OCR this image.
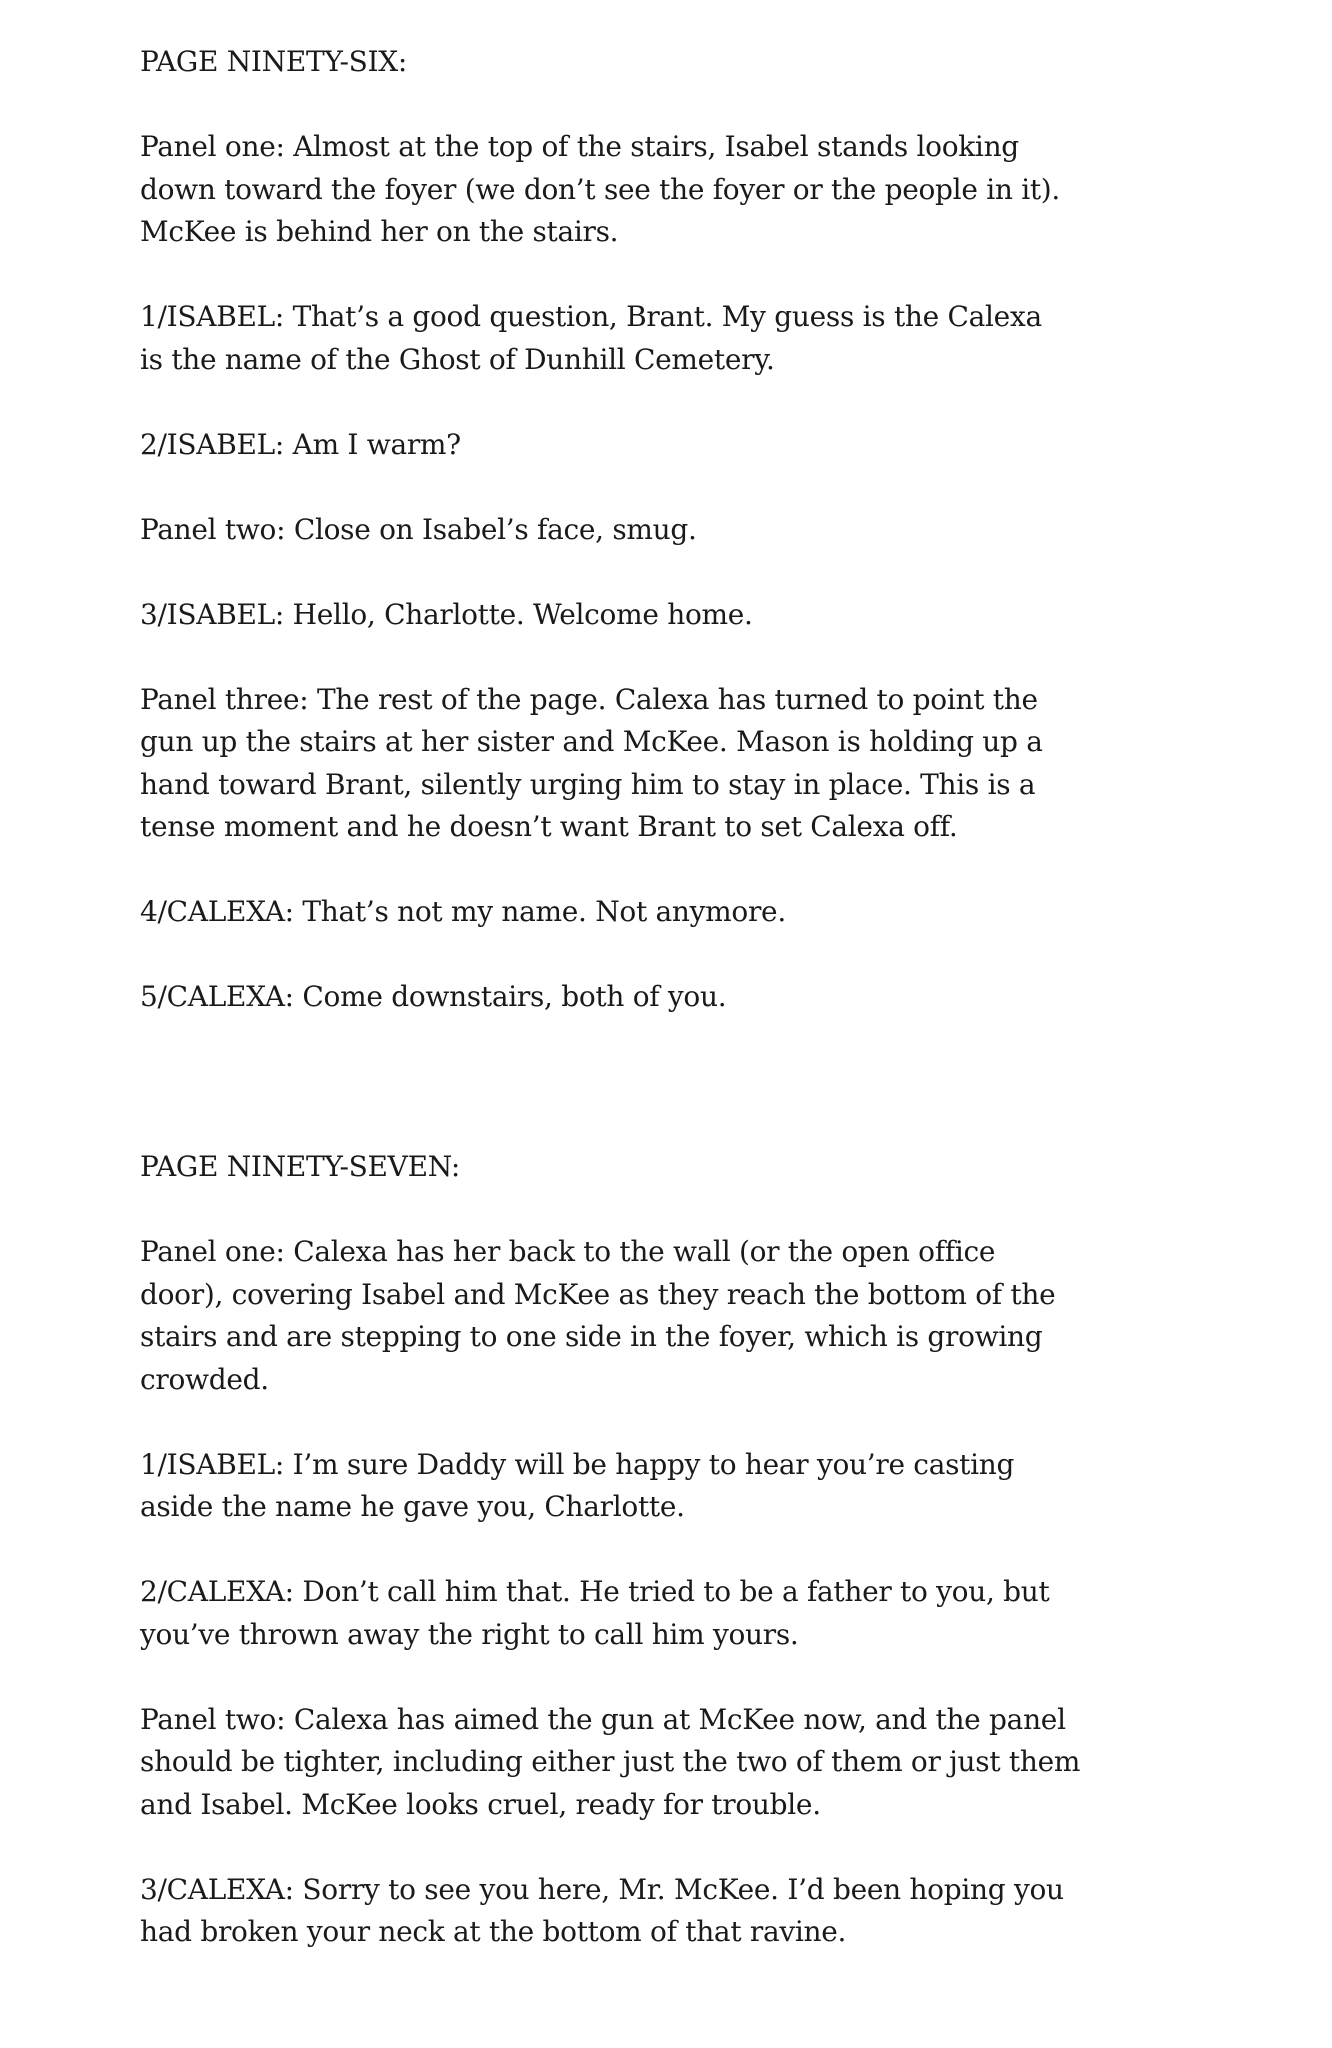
PAGE NINETY-SIX:
Panel one: Almost at the top of the stairs, Isabel stands looking
down toward the foyer (we don’t see the foyer or the people in it).
McKee is behind her on the stairs.
1/ISABEL: That’s a good question, Brant. My guess is the Calexa
is the name of the Ghost of Dunhill Cemetery.
2/ISABEL: Am I warm?
Panel two: Close on Isabel’s face, smug.
3/ISABEL: Hello, Charlotte. Welcome home.
Panel three: The rest of the page. Calexa has turned to point the
gun up the stairs at her sister and McKee. Mason is holding up a
hand toward Brant, silently urging him to stay in place. This is a
tense moment and he doesn’t want Brant to set Calexa off.
4/CALEXA: That’s not my name. Not anymore.
5/CALEXA: Come downstairs, both of you.
PAGE NINETY-SEVEN:
Panel one: Calexa has her back to the wall (or the open office
door), covering Isabel and McKee as they reach the bottom of the
stairs and are stepping to one side in the foyer, which is growing
crowded.
1/ISABEL: I’m sure Daddy will be happy to hear you’re casting
aside the name he gave you, Charlotte.
2/CALEXA: Don’t call him that. He tried to be a father to you, but
you’ve thrown away the right to call him yours.
Panel two: Calexa has aimed the gun at McKee now, and the panel
should be tighter, including either just the two of them or just them
and Isabel. McKee looks cruel, ready for trouble.
3/CALEXA: Sorry to see you here, Mr. McKee. I’d been hoping you
had broken your neck at the bottom of that ravine.
